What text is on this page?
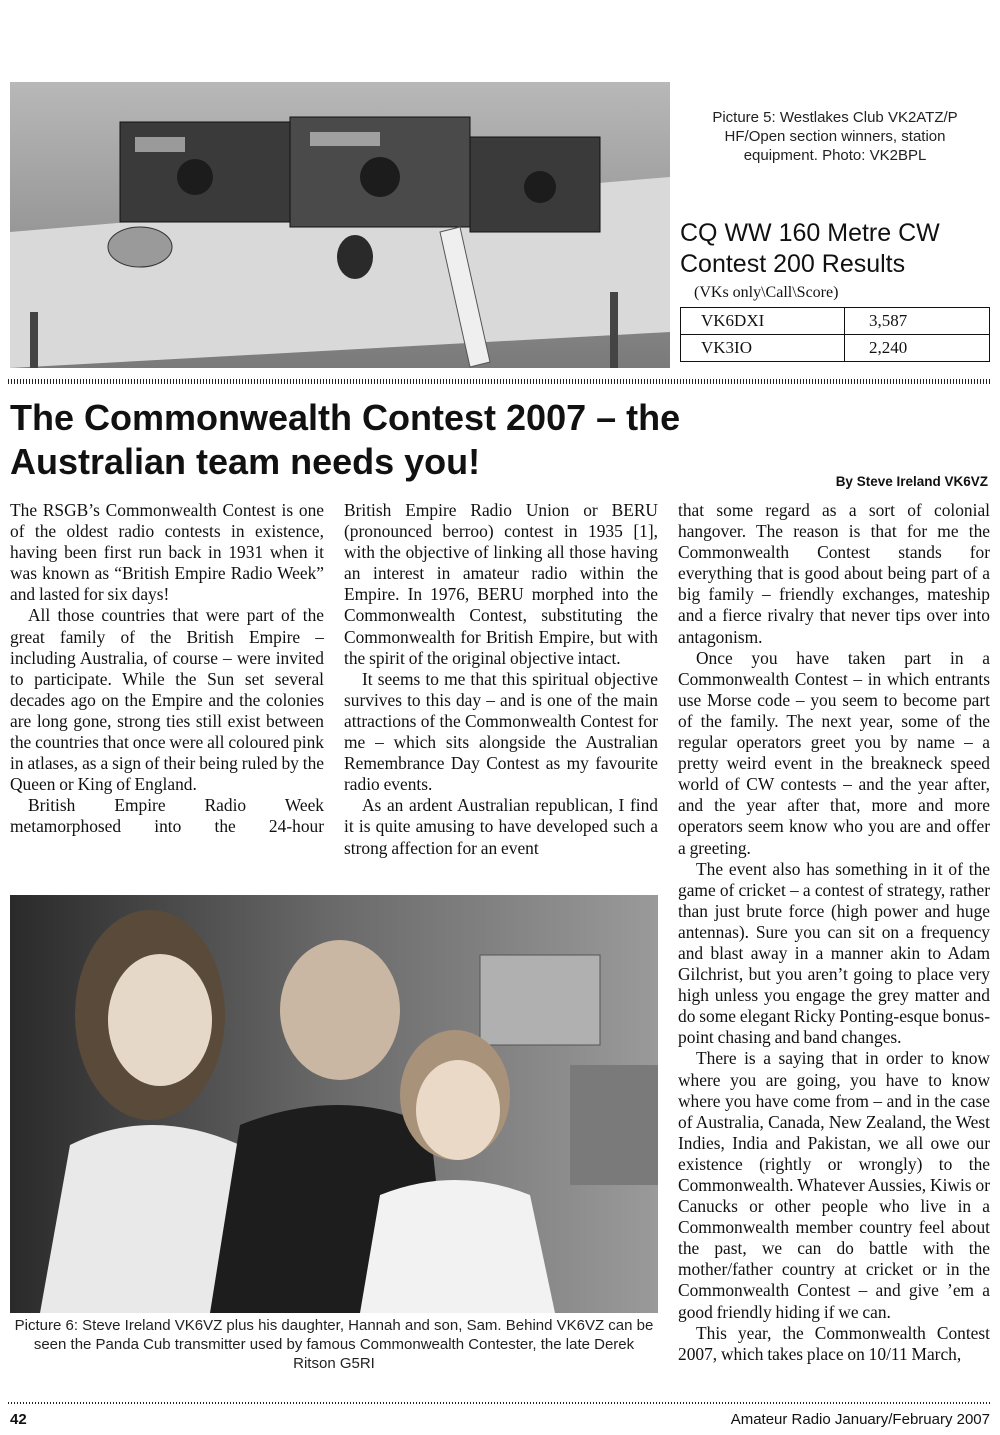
Picture 5: Westlakes Club VK2ATZ/P HF/Open section winners, station equipment. Photo: VK2BPL
CQ WW 160 Metre CW Contest 200 Results
(VKs only\Call\Score)
VK6DXI	3,587
VK3IO	2,240
The Commonwealth Contest 2007 – the Australian team needs you!	By Steve Ireland VK6VZ

The RSGB’s Commonwealth Contest is one of the oldest radio contests in existence, having been first run back in 1931 when it was known as “British Empire Radio Week” and lasted for six days!

All those countries that were part of the great family of the British Empire – including Australia, of course – were invited to participate. While the Sun set several decades ago on the Empire and the colonies are long gone, strong ties still exist between the countries that once were all coloured pink in atlases, as a sign of their being ruled by the Queen or King of England.

British Empire Radio Week metamorphosed into the 24-hour

British Empire Radio Union or BERU (pronounced berroo) contest in 1935 [1], with the objective of linking all those having an interest in amateur radio within the Empire. In 1976, BERU morphed into the Commonwealth Contest, substituting the Commonwealth for British Empire, but with the spirit of the original objective intact.

It seems to me that this spiritual objective survives to this day – and is one of the main attractions of the Commonwealth Contest for me – which sits alongside the Australian Remembrance Day Contest as my favourite radio events.

As an ardent Australian republican, I find it is quite amusing to have developed such a strong affection for an event

that some regard as a sort of colonial hangover. The reason is that for me the Commonwealth Contest stands for everything that is good about being part of a big family – friendly exchanges, mateship and a fierce rivalry that never tips over into antagonism.

Once you have taken part in a Commonwealth Contest – in which entrants use Morse code – you seem to become part of the family. The next year, some of the regular operators greet you by name – a pretty weird event in the breakneck speed world of CW contests – and the year after, and the year after that, more and more operators seem know who you are and offer a greeting.

The event also has something in it of the game of cricket – a contest of strategy, rather than just brute force (high power and huge antennas). Sure you can sit on a frequency and blast away in a manner akin to Adam Gilchrist, but you aren’t going to place very high unless you engage the grey matter and do some elegant Ricky Ponting-esque bonus-point chasing and band changes.

There is a saying that in order to know where you are going, you have to know where you have come from – and in the case of Australia, Canada, New Zealand, the West Indies, India and Pakistan, we all owe our existence (rightly or wrongly) to the Commonwealth. Whatever Aussies, Kiwis or Canucks or other people who live in a Commonwealth member country feel about the past, we can do battle with the mother/father country at cricket or in the Commonwealth Contest – and give ’em a good friendly hiding if we can.

This year, the Commonwealth Contest 2007, which takes place on 10/11 March,

Picture 6: Steve Ireland VK6VZ plus his daughter, Hannah and son, Sam. Behind VK6VZ can be seen the Panda Cub transmitter used by famous Commonwealth Contester, the late Derek Ritson G5RI
42	Amateur Radio January/February 2007
